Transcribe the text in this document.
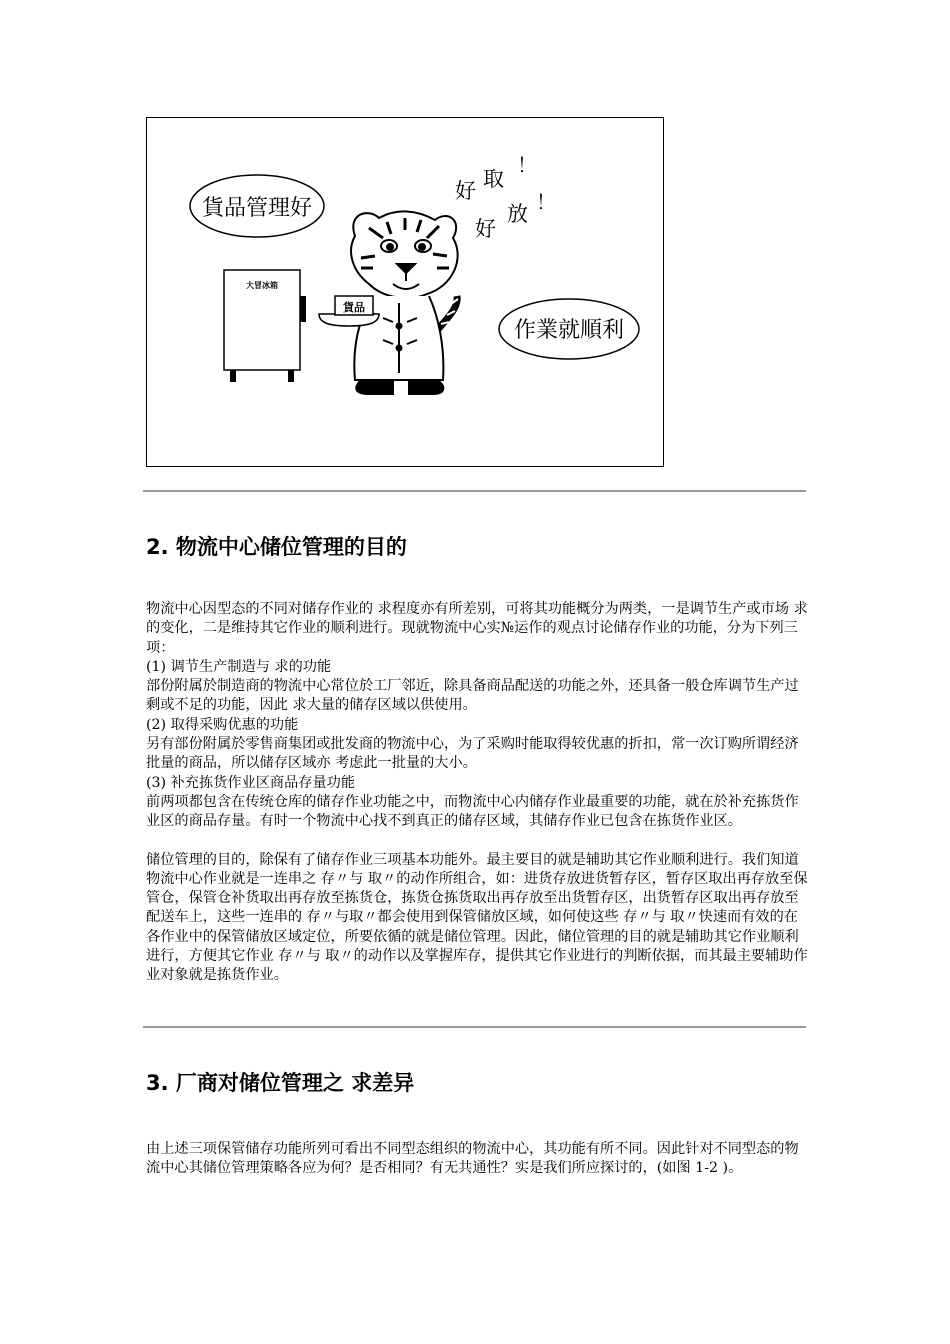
貨品管理好
作業就順利
好 取
！
好
放 ！
大冒冰箱
貨品
2. 物流中心储位管理的目的

物流中心因型态的不同对储存作业的 求程度亦有所差别，可将其功能概分为两类，一是调节生产或市场 求的变化，二是维持其它作业的顺利进行。现就物流中心实№运作的观点讨论储存作业的功能，分为下列三项：

(1) 调节生产制造与 求的功能

部份附属於制造商的物流中心常位於工厂邻近，除具备商品配送的功能之外，还具备一般仓库调节生产过剩或不足的功能，因此 求大量的储存区域以供使用。

(2) 取得采购优惠的功能

另有部份附属於零售商集团或批发商的物流中心，为了采购时能取得较优惠的折扣，常一次订购所谓经济批量的商品，所以储存区域亦 考虑此一批量的大小。

(3) 补充拣货作业区商品存量功能

前两项都包含在传统仓库的储存作业功能之中，而物流中心内储存作业最重要的功能，就在於补充拣货作业区的商品存量。有时一个物流中心找不到真正的储存区域，其储存作业已包含在拣货作业区。

储位管理的目的，除保有了储存作业三项基本功能外。最主要目的就是辅助其它作业顺利进行。我们知道物流中心作业就是一连串之 存〃与 取〃的动作所组合，如：进货存放进货暂存区，暂存区取出再存放至保管仓，保管仓补货取出再存放至拣货仓，拣货仓拣货取出再存放至出货暂存区，出货暂存区取出再存放至配送车上，这些一连串的 存〃与取〃都会使用到保管储放区域，如何使这些 存〃与 取〃快速而有效的在各作业中的保管储放区域定位，所要依循的就是储位管理。因此，储位管理的目的就是辅助其它作业顺利进行，方便其它作业 存〃与 取〃的动作以及掌握库存，提供其它作业进行的判断依据，而其最主要辅助作业对象就是拣货作业。

3. 厂商对储位管理之 求差异

由上述三项保管储存功能所列可看出不同型态组织的物流中心，其功能有所不同。因此针对不同型态的物流中心其储位管理策略各应为何？是否相同？有无共通性？实是我们所应探讨的，(如图 1-2 )。
